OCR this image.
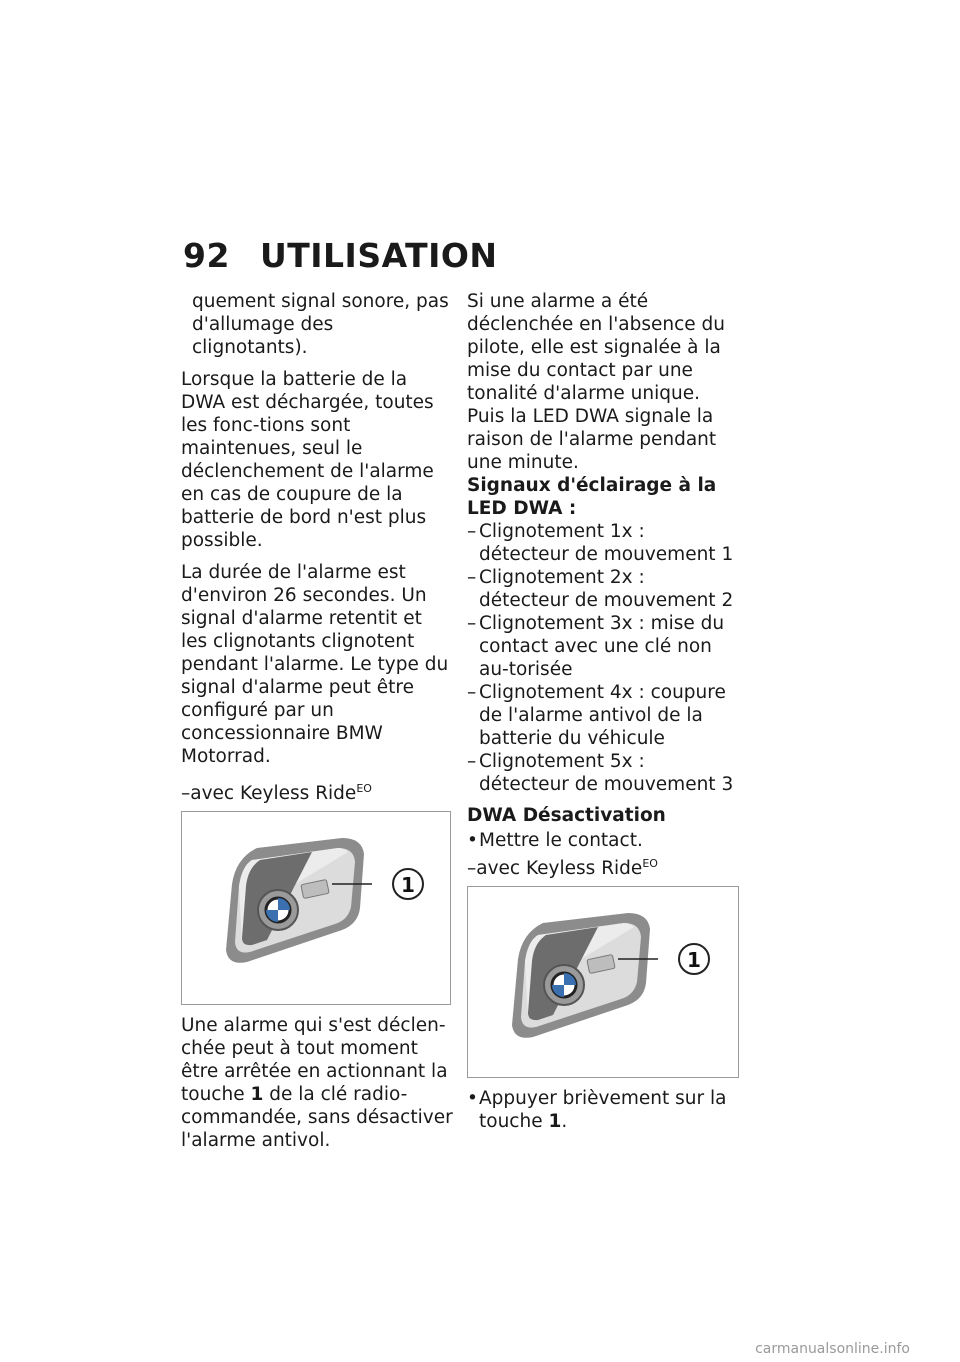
92 UTILISATION

quement signal sonore, pas d'allumage des clignotants).

Lorsque la batterie de la DWA est déchargée, toutes les fonc-tions sont maintenues, seul le déclenchement de l'alarme en cas de coupure de la batterie de bord n'est plus possible.

La durée de l'alarme est d'environ 26 secondes. Un signal d'alarme retentit et les clignotants clignotent pendant l'alarme. Le type du signal d'alarme peut être configuré par un concessionnaire BMW Motorrad.

–avec Keyless Ride$^{EO}$
1

Une alarme qui s'est déclen-chée peut à tout moment être arrêtée en actionnant la touche 1 de la clé radio-commandée, sans désactiver l'alarme antivol.

Si une alarme a été déclenchée en l'absence du pilote, elle est signalée à la mise du contact par une tonalité d'alarme unique. Puis la LED DWA signale la raison de l'alarme pendant une minute.

Signaux d'éclairage à la LED DWA :
– Clignotement 1x : détecteur de mouvement 1
– Clignotement 2x : détecteur de mouvement 2
– Clignotement 3x : mise du contact avec une clé non au-torisée
– Clignotement 4x : coupure de l'alarme antivol de la batterie du véhicule
– Clignotement 5x : détecteur de mouvement 3
DWA Désactivation
• Mettre le contact.
–avec Keyless Ride$^{EO}$
1
• Appuyer brièvement sur la touche 1.
carmanualsonline.info
